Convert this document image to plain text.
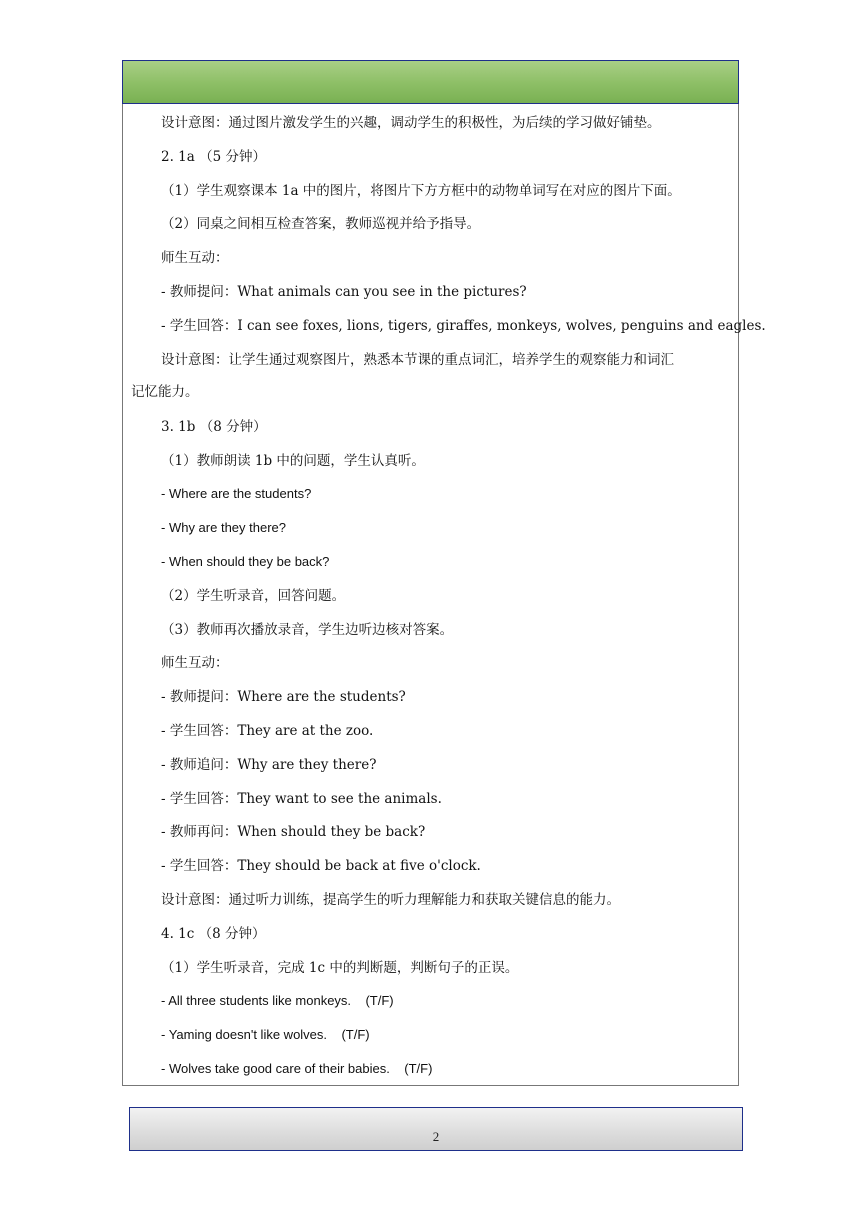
设计意图：通过图片激发学生的兴趣，调动学生的积极性，为后续的学习做好铺垫。
2. 1a （5 分钟）
（1）学生观察课本 1a 中的图片，将图片下方方框中的动物单词写在对应的图片下面。
（2）同桌之间相互检查答案，教师巡视并给予指导。
师生互动：
- 教师提问：What animals can you see in the pictures?
- 学生回答：I can see foxes, lions, tigers, giraffes, monkeys, wolves, penguins and eagles.
设计意图：让学生通过观察图片，熟悉本节课的重点词汇，培养学生的观察能力和词汇
记忆能力。
3. 1b （8 分钟）
（1）教师朗读 1b 中的问题，学生认真听。
- Where are the students?
- Why are they there?
- When should they be back?
（2）学生听录音，回答问题。
（3）教师再次播放录音，学生边听边核对答案。
师生互动：
- 教师提问：Where are the students?
- 学生回答：They are at the zoo.
- 教师追问：Why are they there?
- 学生回答：They want to see the animals.
- 教师再问：When should they be back?
- 学生回答：They should be back at five o'clock.
设计意图：通过听力训练，提高学生的听力理解能力和获取关键信息的能力。
4. 1c （8 分钟）
（1）学生听录音，完成 1c 中的判断题，判断句子的正误。
- All three students like monkeys.    (T/F)
- Yaming doesn't like wolves.    (T/F)
- Wolves take good care of their babies.    (T/F)
2
